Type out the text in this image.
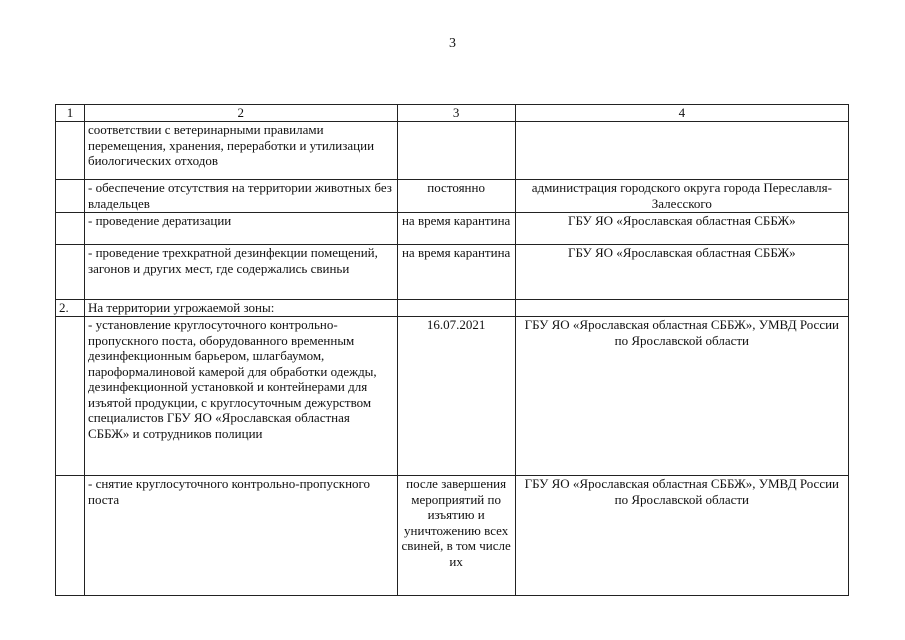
3
1	2	3	4
	соответствии с ветеринарными правилами перемещения, хранения, переработки и утилизации биологических отходов		
	- обеспечение отсутствия на территории животных без владельцев	постоянно	администрация городского округа города Переславля-Залесского
	- проведение дератизации	на время карантина	ГБУ ЯО «Ярославская областная СББЖ»
	- проведение трехкратной дезинфекции помещений, загонов и других мест, где содержались свиньи	на время карантина	ГБУ ЯО «Ярославская областная СББЖ»
2.	На территории угрожаемой зоны:		
	- установление круглосуточного контрольно-пропускного поста, оборудованного временным дезинфекционным барьером, шлагбаумом, пароформалиновой камерой для обработки одежды, дезинфекционной установкой и контейнерами для изъятой продукции, с круглосуточным дежурством специалистов ГБУ ЯО «Ярославская областная СББЖ» и сотрудников полиции	16.07.2021	ГБУ ЯО «Ярославская областная СББЖ», УМВД России по Ярославской области
	- снятие круглосуточного контрольно-пропускного поста	после завершения мероприятий по изъятию и уничтожению всех свиней, в том числе их	ГБУ ЯО «Ярославская областная СББЖ», УМВД России по Ярославской области
